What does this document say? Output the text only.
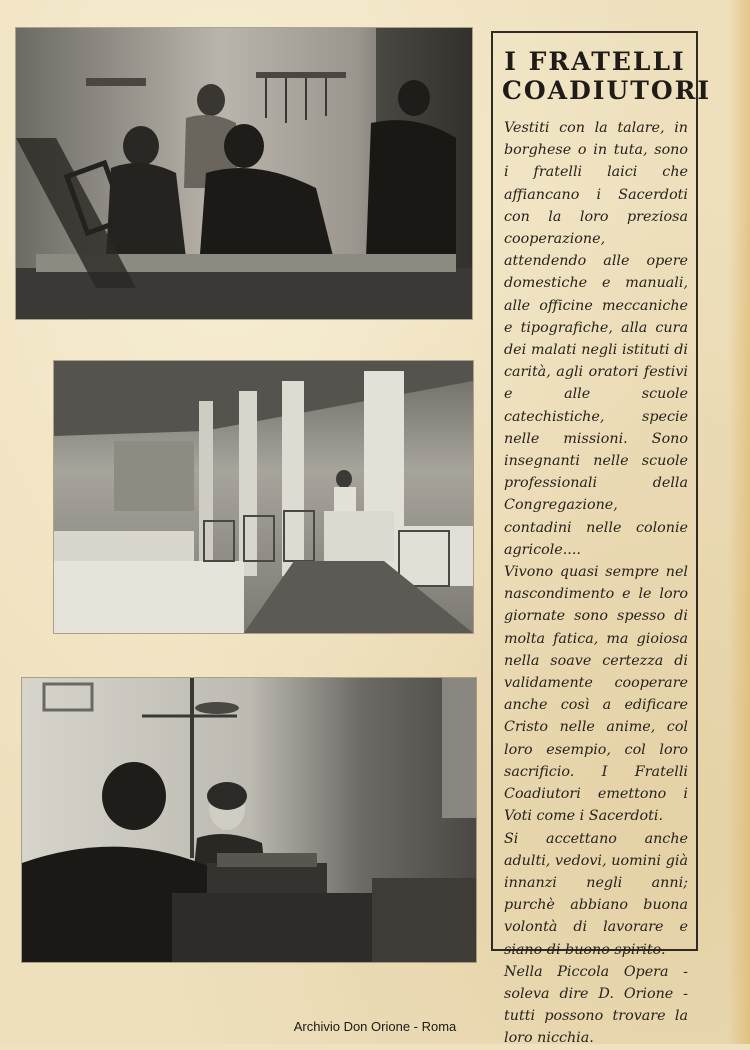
I FRATELLI
COADIUTORI

Vestiti con la talare, in borghese o in tuta, sono i fratelli laici che affiancano i Sacerdoti con la loro preziosa cooperazione, attendendo alle opere domestiche e manuali, alle officine meccaniche e tipografiche, alla cura dei malati negli istituti di carità, agli oratori festivi e alle scuole catechistiche, specie nelle missioni. Sono insegnanti nelle scuole professionali della Congregazione, contadini nelle colonie agricole....

Vivono quasi sempre nel nascondimento e le loro giornate sono spesso di molta fatica, ma gioiosa nella soave certezza di validamente cooperare anche così a edificare Cristo nelle anime, col loro esempio, col loro sacrificio. I Fratelli Coadiutori emettono i Voti come i Sacerdoti.

Si accettano anche adulti, vedovi, uomini già innanzi negli anni; purchè abbiano buona volontà di lavorare e siano di buono spirito.

Nella Piccola Opera - soleva dire D. Orione - tutti possono trovare la loro nicchia.

Archivio Don Orione - Roma
